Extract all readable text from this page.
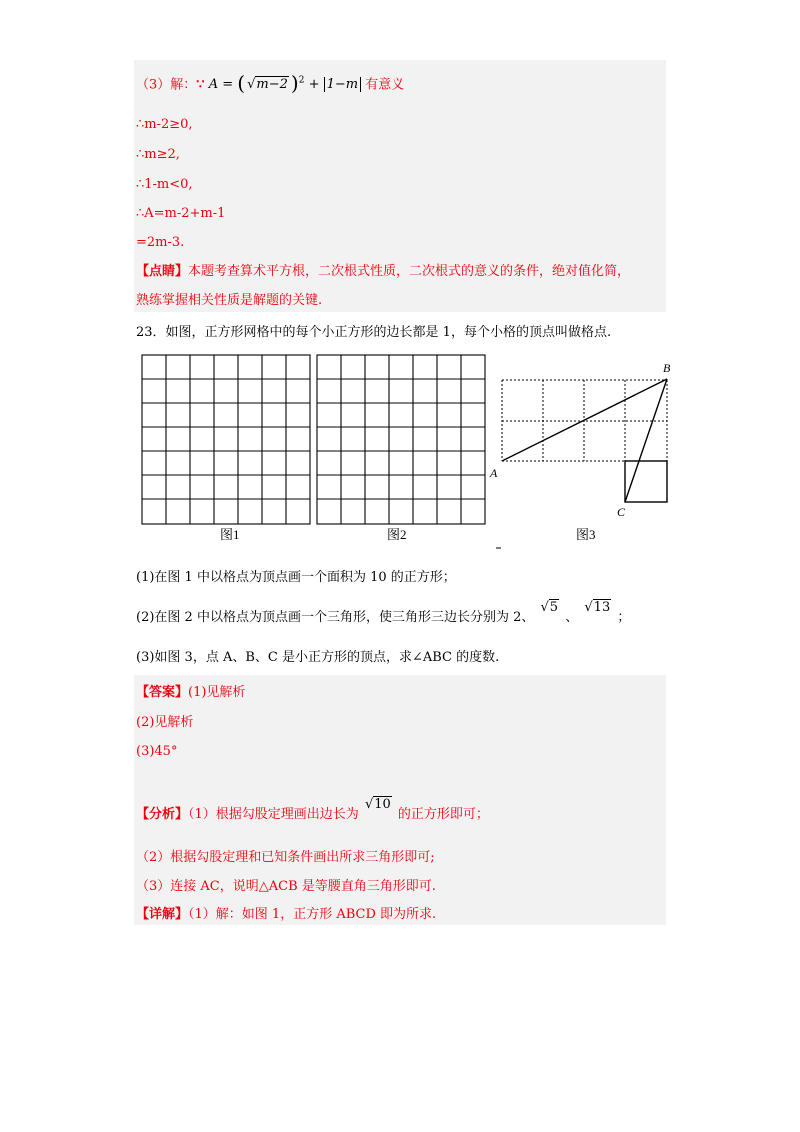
（3）解：∵ A = ( √m−2 )$^2$ + 1−m 有意义
∴m-2≥0,
∴m≥2,
∴1-m<0,
∴A=m-2+m-1
=2m-3.
【点睛】本题考查算术平方根，二次根式性质，二次根式的意义的条件，绝对值化简，
熟练掌握相关性质是解题的关键.
23．如图，正方形网格中的每个小正方形的边长都是 1，每个小格的顶点叫做格点.
A
B
C
图1	图2	图3
(1)在图 1 中以格点为顶点画一个面积为 10 的正方形；
(2)在图 2 中以格点为顶点画一个三角形，使三角形三边长分别为 2、 √5 、 √13 ；
(3)如图 3，点 A、B、C 是小正方形的顶点，求∠ABC 的度数.
【答案】(1)见解析
(2)见解析
(3)45°
【分析】（1）根据勾股定理画出边长为 √10 的正方形即可；
（2）根据勾股定理和已知条件画出所求三角形即可;
（3）连接 AC，说明△ACB 是等腰直角三角形即可.
【详解】（1）解：如图 1，正方形 ABCD 即为所求.
